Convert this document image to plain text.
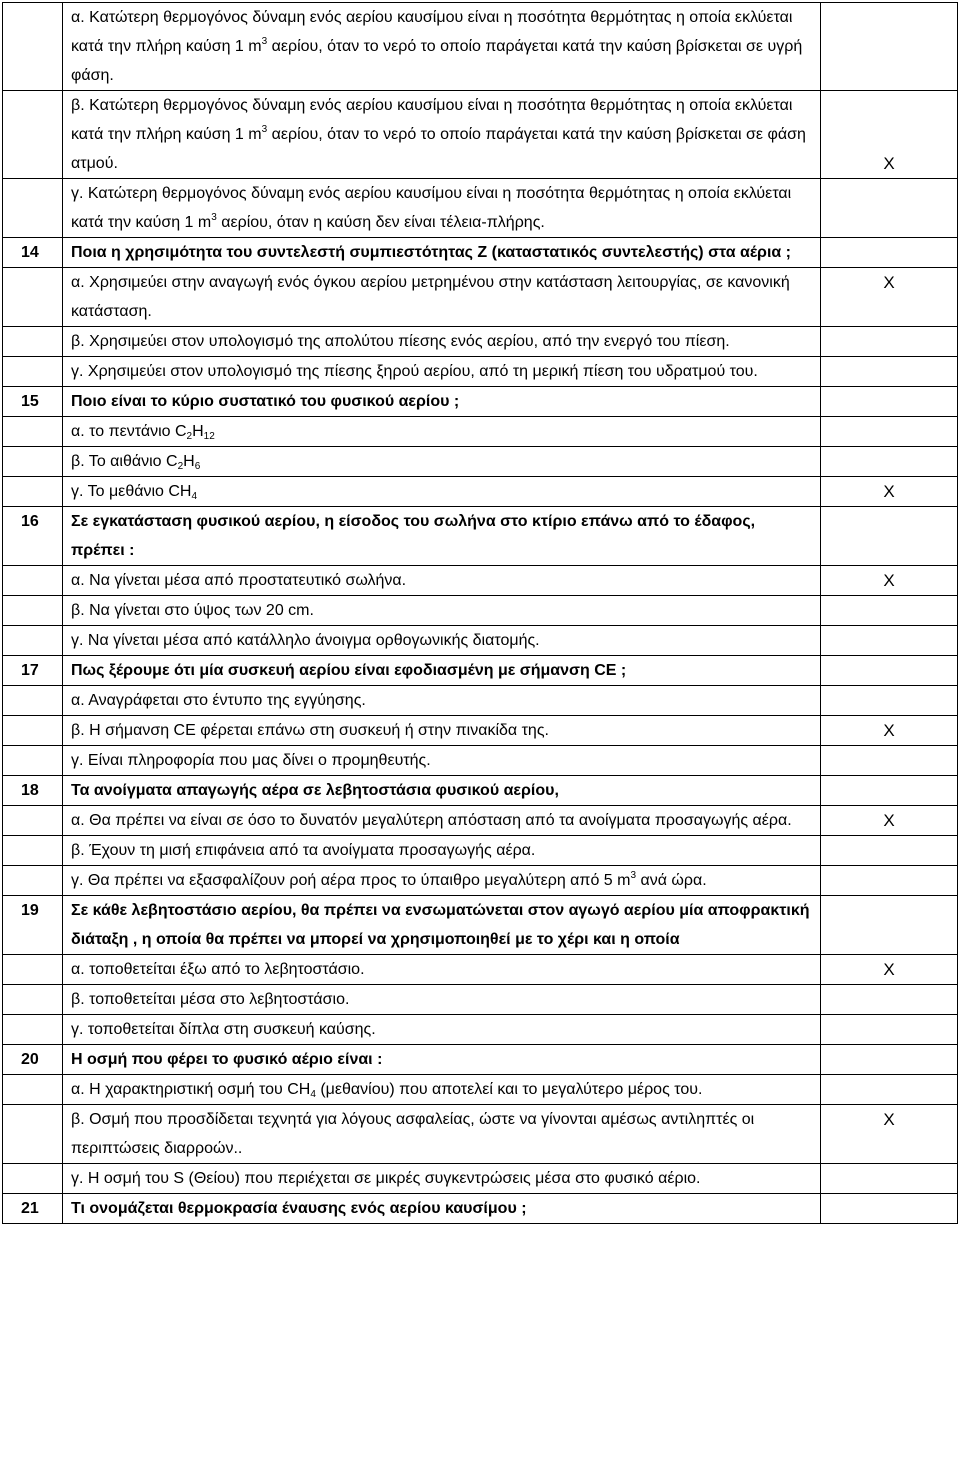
	α. Κατώτερη θερμογόνος δύναμη ενός αερίου καυσίμου είναι η ποσότητα θερμότητας η οποία εκλύεται κατά την πλήρη καύση 1 $m^3$ αερίου, όταν το νερό το οποίο παράγεται κατά την καύση βρίσκεται σε υγρή φάση.	
	β. Κατώτερη θερμογόνος δύναμη ενός αερίου καυσίμου είναι η ποσότητα θερμότητας η οποία εκλύεται κατά την πλήρη καύση 1 $m^3$ αερίου, όταν το νερό το οποίο παράγεται κατά την καύση βρίσκεται σε φάση ατμού.	X
	γ. Κατώτερη θερμογόνος δύναμη ενός αερίου καυσίμου είναι η ποσότητα θερμότητας η οποία εκλύεται κατά την καύση 1 $m^3$ αερίου, όταν η καύση δεν είναι τέλεια-πλήρης.	
14	Ποια η χρησιμότητα του συντελεστή συμπιεστότητας Ζ (καταστατικός συντελεστής) στα αέρια ;	
	α. Χρησιμεύει στην αναγωγή ενός όγκου αερίου μετρημένου στην κατάσταση λειτουργίας, σε κανονική κατάσταση.	X
	β. Χρησιμεύει στον υπολογισμό της απολύτου πίεσης ενός αερίου, από την ενεργό του πίεση.	
	γ. Χρησιμεύει στον υπολογισμό της πίεσης ξηρού αερίου, από τη μερική πίεση του υδρατμού του.	
15	Ποιο είναι το κύριο συστατικό του φυσικού αερίου ;	
	α. το πεντάνιο $C_2H_{12}$	
	β. Το αιθάνιο $C_2H_6$	
	γ. Το μεθάνιο $CH_4$	X
16	Σε εγκατάσταση φυσικού αερίου, η είσοδος του σωλήνα στο κτίριο επάνω από το έδαφος, πρέπει :	
	α. Να γίνεται μέσα από προστατευτικό σωλήνα.	X
	β. Να γίνεται στο ύψος των 20 cm.	
	γ. Να γίνεται μέσα από κατάλληλο άνοιγμα ορθογωνικής διατομής.	
17	Πως ξέρουμε ότι μία συσκευή αερίου είναι εφοδιασμένη με σήμανση CE ;	
	α. Αναγράφεται στο έντυπο της εγγύησης.	
	β. Η σήμανση CE φέρεται επάνω στη συσκευή ή στην πινακίδα της.	X
	γ. Είναι πληροφορία που μας δίνει ο προμηθευτής.	
18	Τα ανοίγματα απαγωγής αέρα σε λεβητοστάσια φυσικού αερίου,	
	α. Θα πρέπει να είναι σε όσο το δυνατόν μεγαλύτερη απόσταση από τα ανοίγματα προσαγωγής αέρα.	X
	β. Έχουν τη μισή επιφάνεια από τα ανοίγματα προσαγωγής αέρα.	
	γ. Θα πρέπει να εξασφαλίζουν ροή αέρα προς το ύπαιθρο μεγαλύτερη από 5 $m^3$ ανά ώρα.	
19	Σε κάθε λεβητοστάσιο αερίου, θα πρέπει να ενσωματώνεται στον αγωγό αερίου μία αποφρακτική διάταξη , η οποία θα πρέπει να μπορεί να χρησιμοποιηθεί με το χέρι και η οποία	
	α. τοποθετείται έξω από το λεβητοστάσιο.	X
	β. τοποθετείται μέσα στο λεβητοστάσιο.	
	γ. τοποθετείται δίπλα στη συσκευή καύσης.	
20	Η οσμή που φέρει το φυσικό αέριο είναι :	
	α. Η χαρακτηριστική οσμή του $CH_4$ (μεθανίου) που αποτελεί και το μεγαλύτερο μέρος του.	
	β. Οσμή που προσδίδεται τεχνητά για λόγους ασφαλείας, ώστε να γίνονται αμέσως αντιληπτές οι περιπτώσεις διαρροών..	X
	γ. Η οσμή του S (Θείου) που περιέχεται σε μικρές συγκεντρώσεις μέσα στο φυσικό αέριο.	
21	Τι ονομάζεται θερμοκρασία έναυσης ενός αερίου καυσίμου ;	
